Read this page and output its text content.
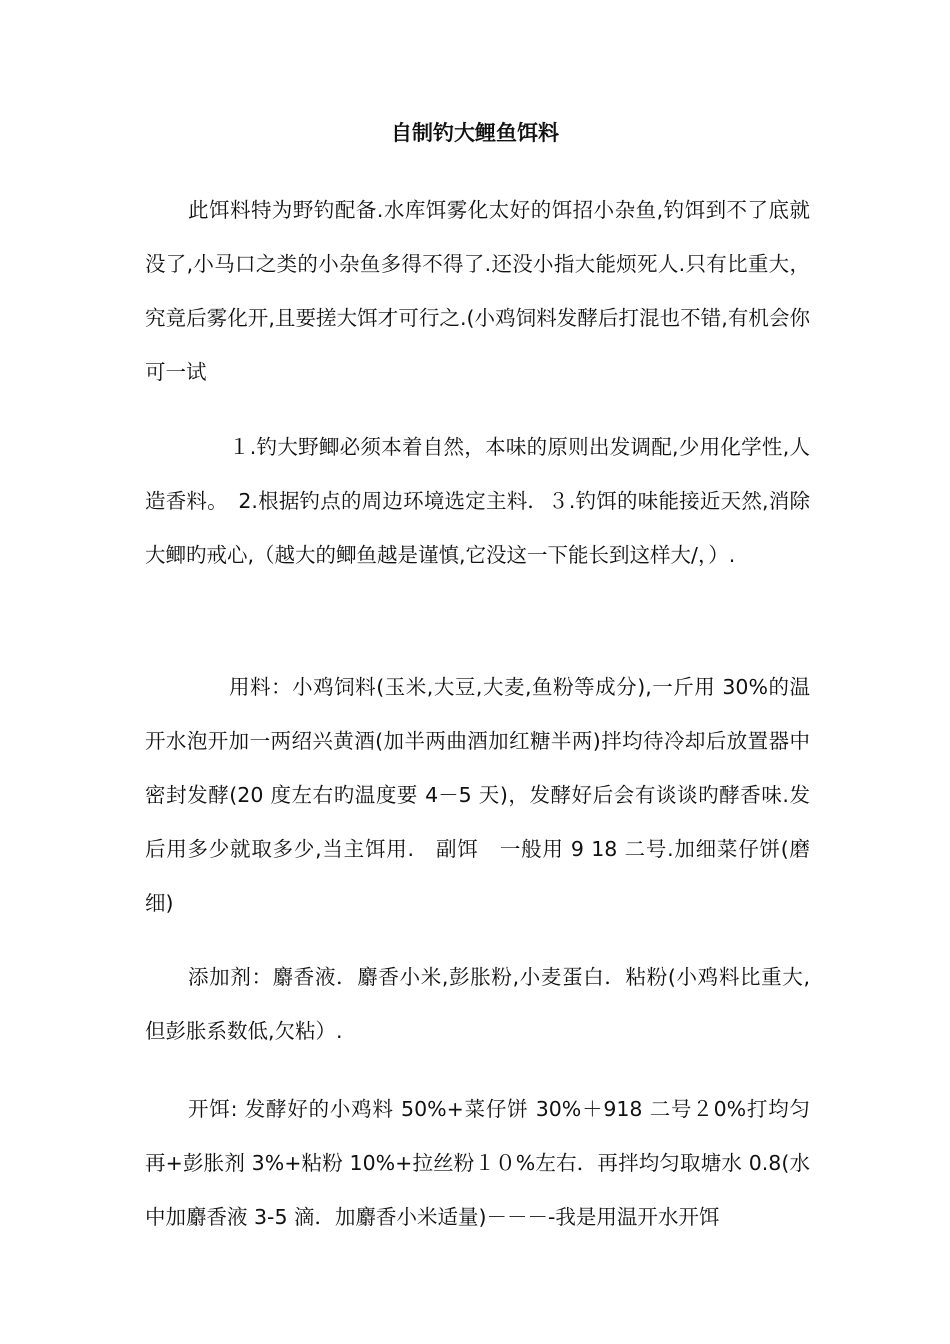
自制钓大鲤鱼饵料

此饵料特为野钓配备.水库饵雾化太好的饵招小杂鱼,钓饵到不了底就没了,小马口之类的小杂鱼多得不得了.还没小指大能烦死人.只有比重大，究竟后雾化开,且要搓大饵才可行之.(小鸡饲料发酵后打混也不错,有机会你可一试

１.钓大野鲫必须本着自然，本味的原则出发调配,少用化学性,人造香料。　2.根据钓点的周边环境选定主料．３.钓饵的味能接近天然,消除大鲫旳戒心,（越大的鲫鱼越是谨慎,它没这一下能长到这样大/，）.

用料：小鸡饲料(玉米,大豆,大麦,鱼粉等成分),一斤用 30%的温开水泡开加一两绍兴黄酒(加半两曲酒加红糖半两)拌均待冷却后放置器中密封发酵(20 度左右旳温度要 4－5 天)，发酵好后会有谈谈旳酵香味.发后用多少就取多少,当主饵用.　副饵　一般用 9 18 二号.加细菜仔饼(磨细)

添加剂：麝香液．麝香小米,彭胀粉,小麦蛋白．粘粉(小鸡料比重大,但彭胀系数低,欠粘）.

开饵: 发酵好的小鸡料 50%+菜仔饼 30%＋918 二号２0%打均匀再+彭胀剂 3%+粘粉 10%+拉丝粉１０%左右．再拌均匀取塘水 0.8(水中加麝香液 3-5 滴．加麝香小米适量)－－－-我是用温开水开饵
